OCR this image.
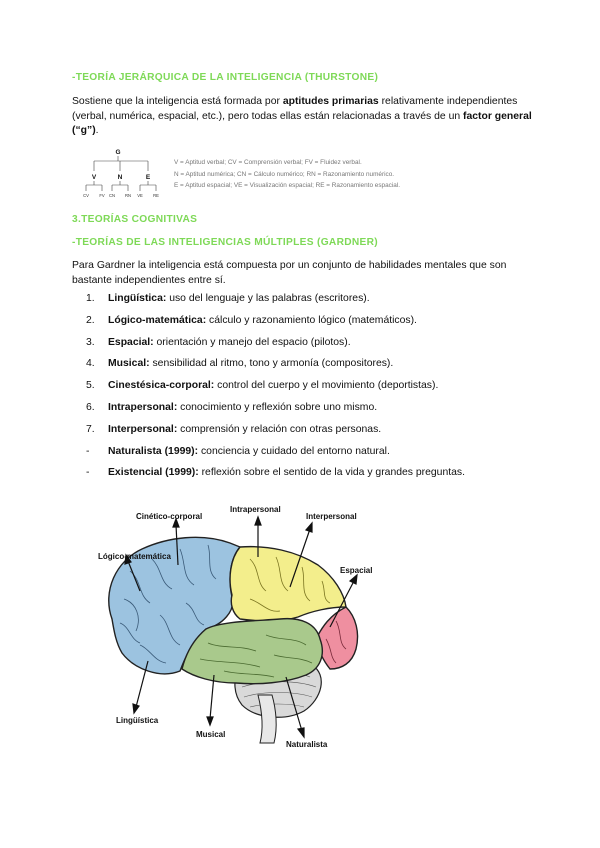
-TEORÍA JERÁRQUICA DE LA INTELIGENCIA (THURSTONE)
Sostiene que la inteligencia está formada por aptitudes primarias relativamente independientes (verbal, numérica, espacial, etc.), pero todas ellas están relacionadas a través de un factor general (“g”).
G
V	N	E
CV FV CN RN VE RE
V = Aptitud verbal; CV = Comprensión verbal; FV = Fluidez verbal.
N = Aptitud numérica; CN = Cálculo numérico; RN = Razonamiento numérico.
E = Aptitud espacial; VE = Visualización espacial; RE = Razonamiento espacial.
3.TEORÍAS COGNITIVAS
-TEORÍAS DE LAS INTELIGENCIAS MÚLTIPLES (GARDNER)
Para Gardner la inteligencia está compuesta por un conjunto de habilidades mentales que son bastante independientes entre sí.
1.	Lingüística: uso del lenguaje y las palabras (escritores).
2.	Lógico-matemática: cálculo y razonamiento lógico (matemáticos).
3.	Espacial: orientación y manejo del espacio (pilotos).
4.	Musical: sensibilidad al ritmo, tono y armonía (compositores).
5.	Cinestésica-corporal: control del cuerpo y el movimiento (deportistas).
6.	Intrapersonal: conocimiento y reflexión sobre uno mismo.
7.	Interpersonal: comprensión y relación con otras personas.
-	Naturalista (1999): conciencia y cuidado del entorno natural.
-	Existencial (1999): reflexión sobre el sentido de la vida y grandes preguntas.
Cinético-corporal
Intrapersonal
Interpersonal
Lógico-matemática
Espacial
Lingüística
Musical
Naturalista
